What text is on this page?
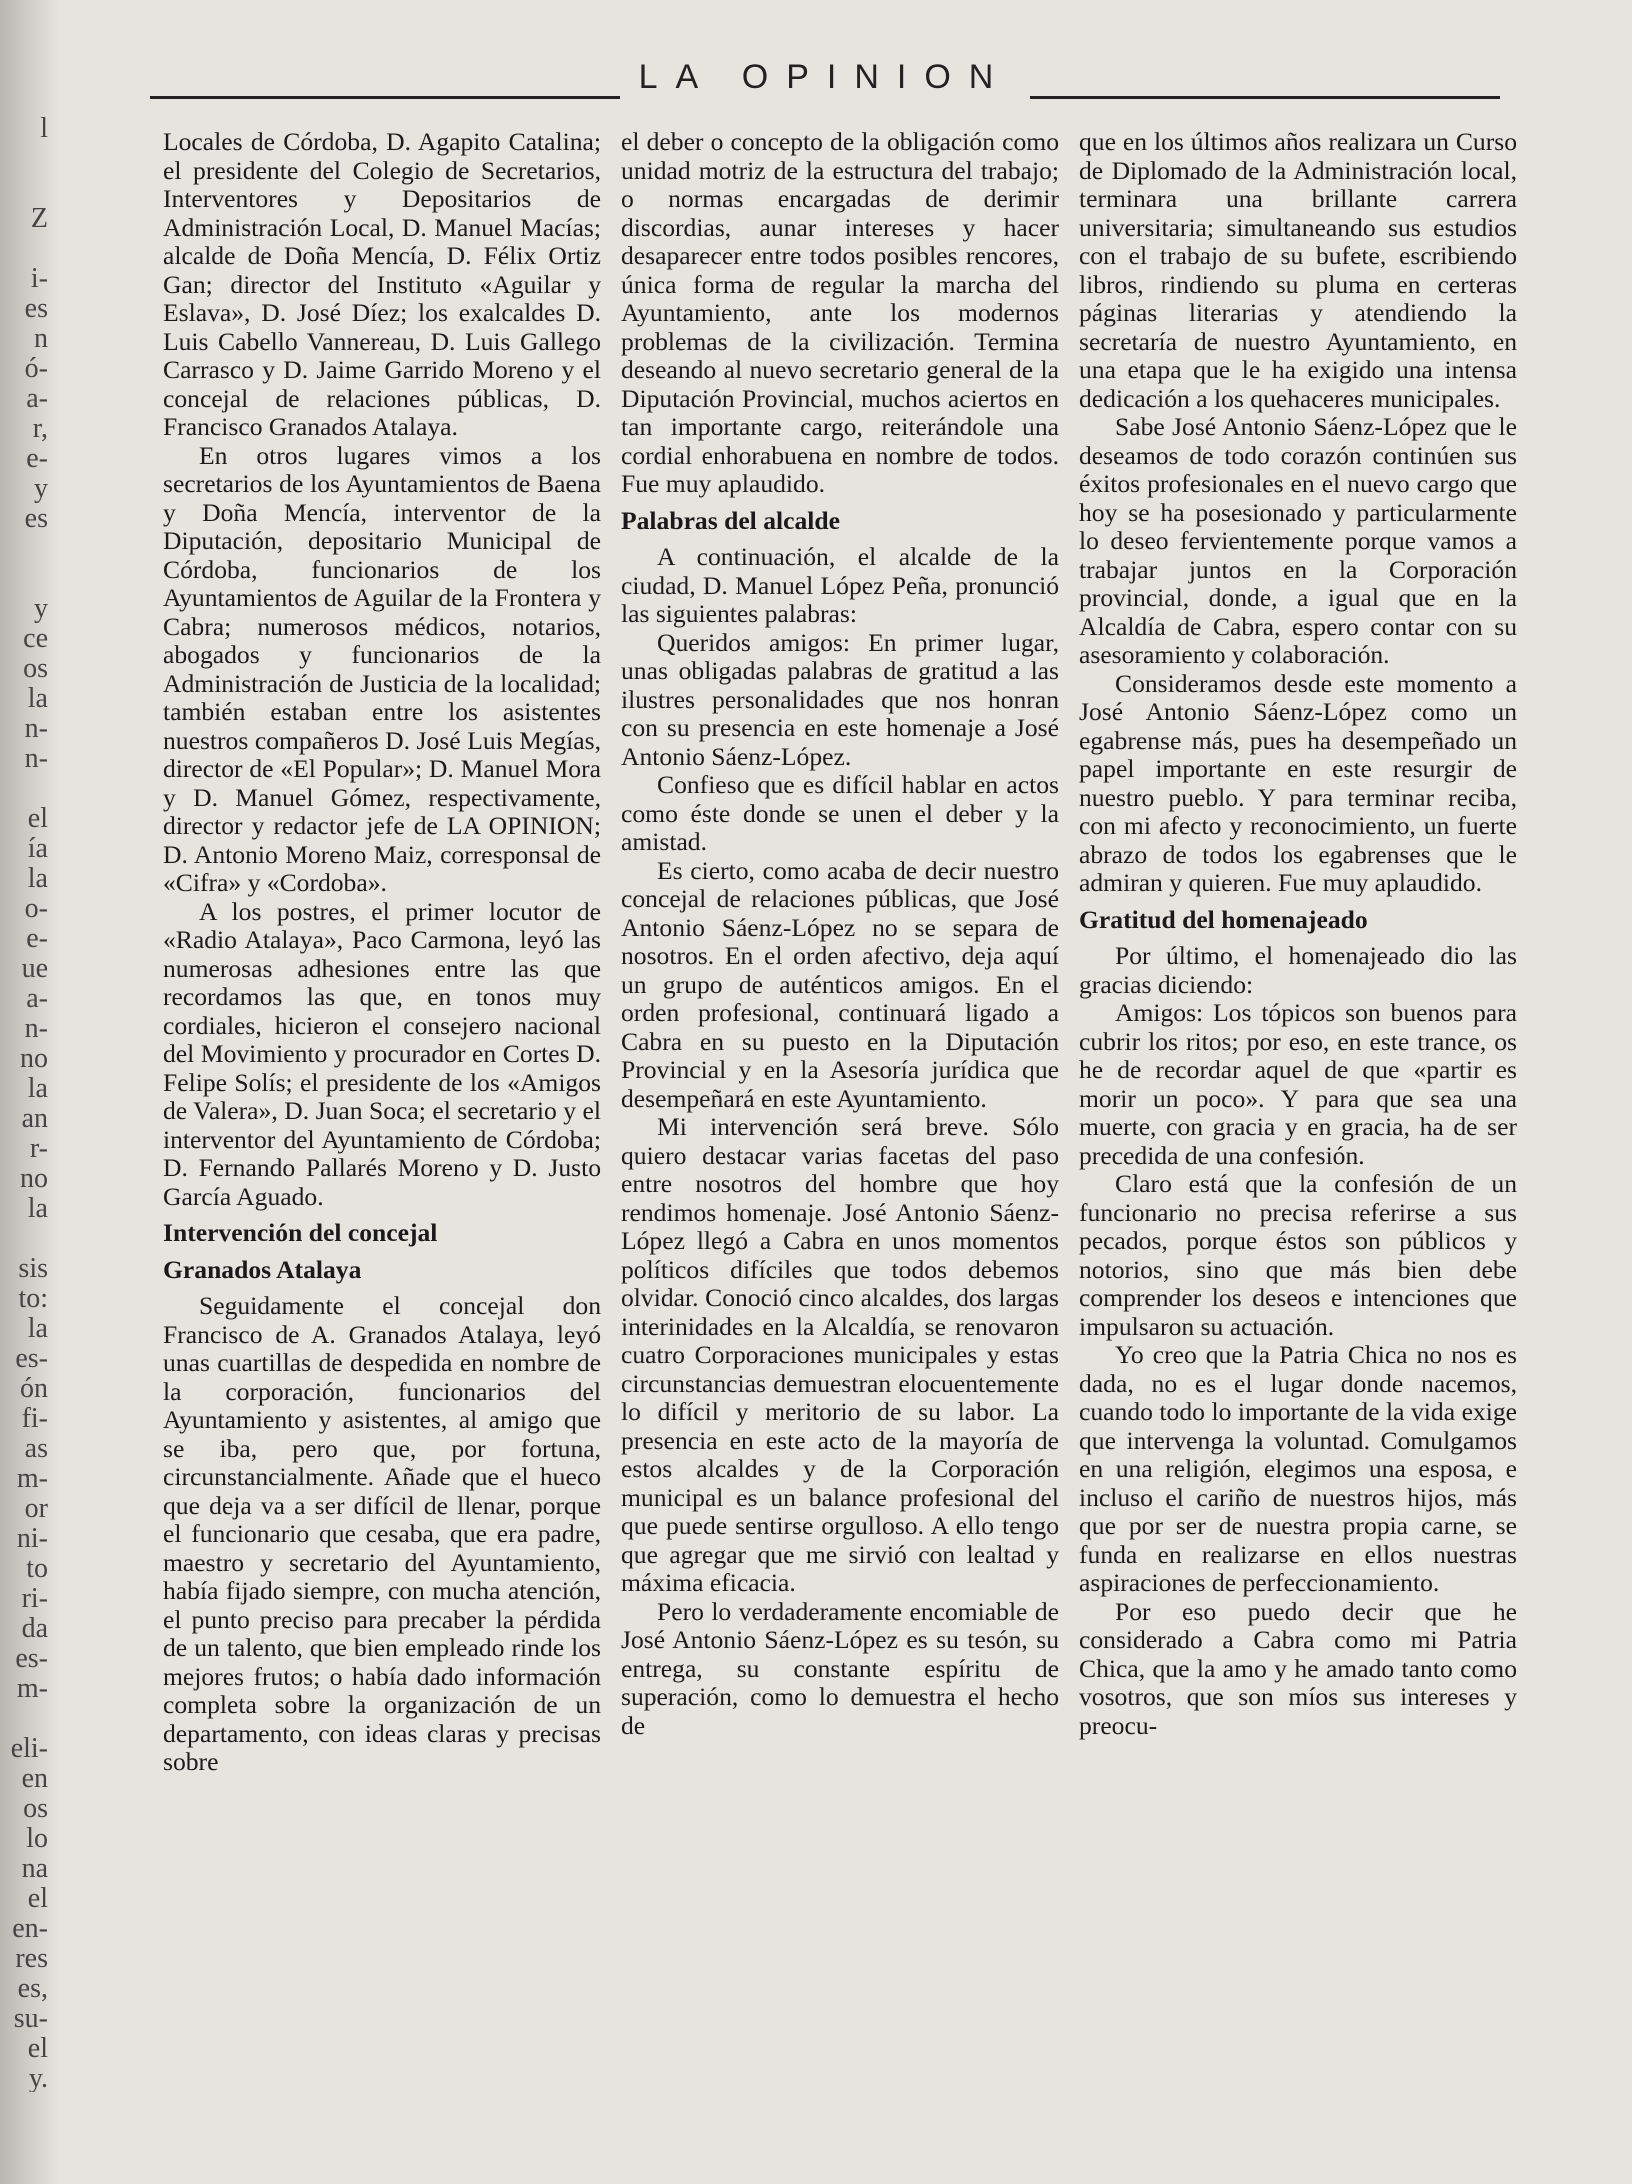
l
Z
i-
es
n
ó-
a-
r,
e-
y
es
y
ce
os
la
n-
n-
el
ía
la
o-
e-
ue
a-
n-
no
la
an
r-
no
la
sis
to:
la
es-
ón
fi-
as
m-
or
ni-
to
ri-
da
es-
m-
eli-
en
os
lo
na
el
en-
res
es,
su-
el
y.
LA OPINION

Locales de Córdoba, D. Agapito Catalina; el presidente del Colegio de Secretarios, Interventores y Depositarios de Administración Local, D. Manuel Macías; alcalde de Doña Mencía, D. Félix Ortiz Gan; director del Instituto «Aguilar y Eslava», D. José Díez; los exalcaldes D. Luis Cabello Vannereau, D. Luis Gallego Carrasco y D. Jaime Garrido Moreno y el concejal de relaciones públicas, D. Francisco Granados Atalaya.

En otros lugares vimos a los secretarios de los Ayuntamientos de Baena y Doña Mencía, interventor de la Diputación, depositario Municipal de Córdoba, funcionarios de los Ayuntamientos de Aguilar de la Frontera y Cabra; numerosos médicos, notarios, abogados y funcionarios de la Administración de Justicia de la localidad; también estaban entre los asistentes nuestros compañeros D. José Luis Megías, director de «El Popular»; D. Manuel Mora y D. Manuel Gómez, respectivamente, director y redactor jefe de LA OPINION; D. Antonio Moreno Maiz, corresponsal de «Cifra» y «Cordoba».

A los postres, el primer locutor de «Radio Atalaya», Paco Carmona, leyó las numerosas adhesiones entre las que recordamos las que, en tonos muy cordiales, hicieron el consejero nacional del Movimiento y procurador en Cortes D. Felipe Solís; el presidente de los «Amigos de Valera», D. Juan Soca; el secretario y el interventor del Ayuntamiento de Córdoba; D. Fernando Pallarés Moreno y D. Justo García Aguado.

Intervención del concejal
Granados Atalaya

Seguidamente el concejal don Francisco de A. Granados Atalaya, leyó unas cuartillas de despedida en nombre de la corporación, funcionarios del Ayuntamiento y asistentes, al amigo que se iba, pero que, por fortuna, circunstancialmente. Añade que el hueco que deja va a ser difícil de llenar, porque el funcionario que cesaba, que era padre, maestro y secretario del Ayuntamiento, había fijado siempre, con mucha atención, el punto preciso para precaber la pérdida de un talento, que bien empleado rinde los mejores frutos; o había dado información completa sobre la organización de un departamento, con ideas claras y precisas sobre

el deber o concepto de la obligación como unidad motriz de la estructura del trabajo; o normas encargadas de derimir discordias, aunar intereses y hacer desaparecer entre todos posibles rencores, única forma de regular la marcha del Ayuntamiento, ante los modernos problemas de la civilización. Termina deseando al nuevo secretario general de la Diputación Provincial, muchos aciertos en tan importante cargo, reiterándole una cordial enhorabuena en nombre de todos. Fue muy aplaudido.

Palabras del alcalde

A continuación, el alcalde de la ciudad, D. Manuel López Peña, pronunció las siguientes palabras:

Queridos amigos: En primer lugar, unas obligadas palabras de gratitud a las ilustres personalidades que nos honran con su presencia en este homenaje a José Antonio Sáenz-López.

Confieso que es difícil hablar en actos como éste donde se unen el deber y la amistad.

Es cierto, como acaba de decir nuestro concejal de relaciones públicas, que José Antonio Sáenz-López no se separa de nosotros. En el orden afectivo, deja aquí un grupo de auténticos amigos. En el orden profesional, continuará ligado a Cabra en su puesto en la Diputación Provincial y en la Asesoría jurídica que desempeñará en este Ayuntamiento.

Mi intervención será breve. Sólo quiero destacar varias facetas del paso entre nosotros del hombre que hoy rendimos homenaje. José Antonio Sáenz-López llegó a Cabra en unos momentos políticos difíciles que todos debemos olvidar. Conoció cinco alcaldes, dos largas interinidades en la Alcaldía, se renovaron cuatro Corporaciones municipales y estas circunstancias demuestran elocuentemente lo difícil y meritorio de su labor. La presencia en este acto de la mayoría de estos alcaldes y de la Corporación municipal es un balance profesional del que puede sentirse orgulloso. A ello tengo que agregar que me sirvió con lealtad y máxima eficacia.

Pero lo verdaderamente encomiable de José Antonio Sáenz-López es su tesón, su entrega, su constante espíritu de superación, como lo demuestra el hecho de

que en los últimos años realizara un Curso de Diplomado de la Administración local, terminara una brillante carrera universitaria; simultaneando sus estudios con el trabajo de su bufete, escribiendo libros, rindiendo su pluma en certeras páginas literarias y atendiendo la secretaría de nuestro Ayuntamiento, en una etapa que le ha exigido una intensa dedicación a los quehaceres municipales.

Sabe José Antonio Sáenz-López que le deseamos de todo corazón continúen sus éxitos profesionales en el nuevo cargo que hoy se ha posesionado y particularmente lo deseo fervientemente porque vamos a trabajar juntos en la Corporación provincial, donde, a igual que en la Alcaldía de Cabra, espero contar con su asesoramiento y colaboración.

Consideramos desde este momento a José Antonio Sáenz-López como un egabrense más, pues ha desempeñado un papel importante en este resurgir de nuestro pueblo. Y para terminar reciba, con mi afecto y reconocimiento, un fuerte abrazo de todos los egabrenses que le admiran y quieren. Fue muy aplaudido.

Gratitud del homenajeado

Por último, el homenajeado dio las gracias diciendo:

Amigos: Los tópicos son buenos para cubrir los ritos; por eso, en este trance, os he de recordar aquel de que «partir es morir un poco». Y para que sea una muerte, con gracia y en gracia, ha de ser precedida de una confesión.

Claro está que la confesión de un funcionario no precisa referirse a sus pecados, porque éstos son públicos y notorios, sino que más bien debe comprender los deseos e intenciones que impulsaron su actuación.

Yo creo que la Patria Chica no nos es dada, no es el lugar donde nacemos, cuando todo lo importante de la vida exige que intervenga la voluntad. Comulgamos en una religión, elegimos una esposa, e incluso el cariño de nuestros hijos, más que por ser de nuestra propia carne, se funda en realizarse en ellos nuestras aspiraciones de perfeccionamiento.

Por eso puedo decir que he considerado a Cabra como mi Patria Chica, que la amo y he amado tanto como vosotros, que son míos sus intereses y preocu-
